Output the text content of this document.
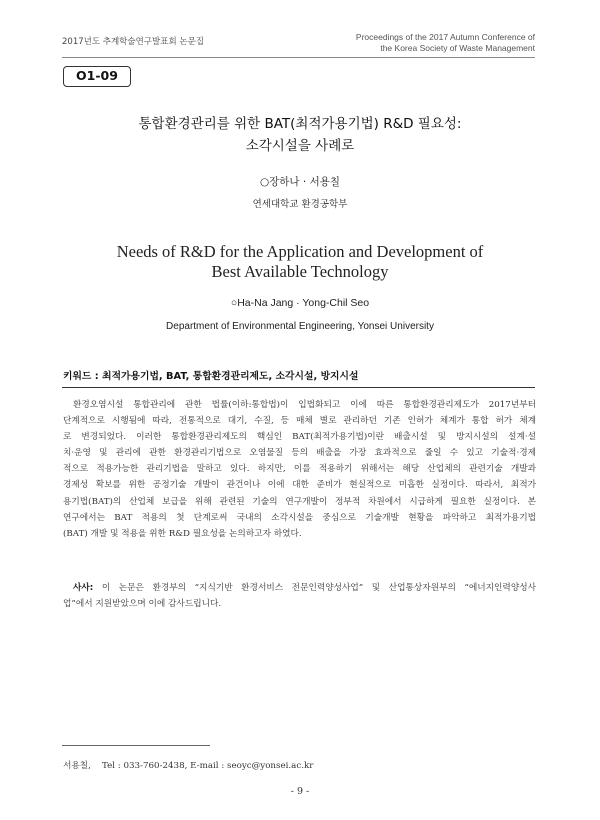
2017년도 추계학술연구발표회 논문집	Proceedings of the 2017 Autumn Conference of
the Korea Society of Waste Management
O1-09
통합환경관리를 위한 BAT(최적가용기법) R&D 필요성:
소각시설을 사례로
○장하나 · 서용칠
연세대학교 환경공학부
Needs of R&D for the Application and Development of
Best Available Technology
○Ha-Na Jang · Yong-Chil Seo
Department of Environmental Engineering, Yonsei University
키워드 : 최적가용기법, BAT, 통합환경관리제도, 소각시설, 방지시설
환경오염시설 통합관리에 관한 법률(이하:통합법)이 입법화되고 이에 따른 통합환경관리제도가 2017년부터
단계적으로 시행됨에 따라, 전통적으로 대기, 수질, 등 매체 별로 관리하던 기존 인허가 체계가 통합 허가 체계
로 변경되었다. 이러한 통합환경관리제도의 핵심인 BAT(최적가용기법)이란 배출시설 및 방지시설의 설계·설
치·운영 및 관리에 관한 환경관리기법으로 오염물질 등의 배출을 가장 효과적으로 줄일 수 있고 기술적·경제
적으로 적용가능한 관리기법을 말하고 있다. 하지만, 이를 적용하기 위해서는 해당 산업체의 관련기술 개발과
경제성 확보를 위한 공정기술 개발이 관건이나 이에 대한 준비가 현실적으로 미흡한 실정이다. 따라서, 최적가
용기법(BAT)의 산업체 보급을 위해 관련된 기술의 연구개발이 정부적 차원에서 시급하게 필요한 실정이다. 본
연구에서는 BAT 적용의 첫 단계로써 국내의 소각시설을 중심으로 기술개발 현황을 파악하고 최적가용기법
(BAT) 개발 및 적용을 위한 R&D 필요성을 논의하고자 하였다.
사사: 이 논문은 환경부의 “지식기반 환경서비스 전문인력양성사업” 및 산업통상자원부의 “에너지인력양성사
업”에서 지원받았으며 이에 감사드립니다.
서용칠,    Tel : 033-760-2438, E-mail : seoyc@yonsei.ac.kr
- 9 -
